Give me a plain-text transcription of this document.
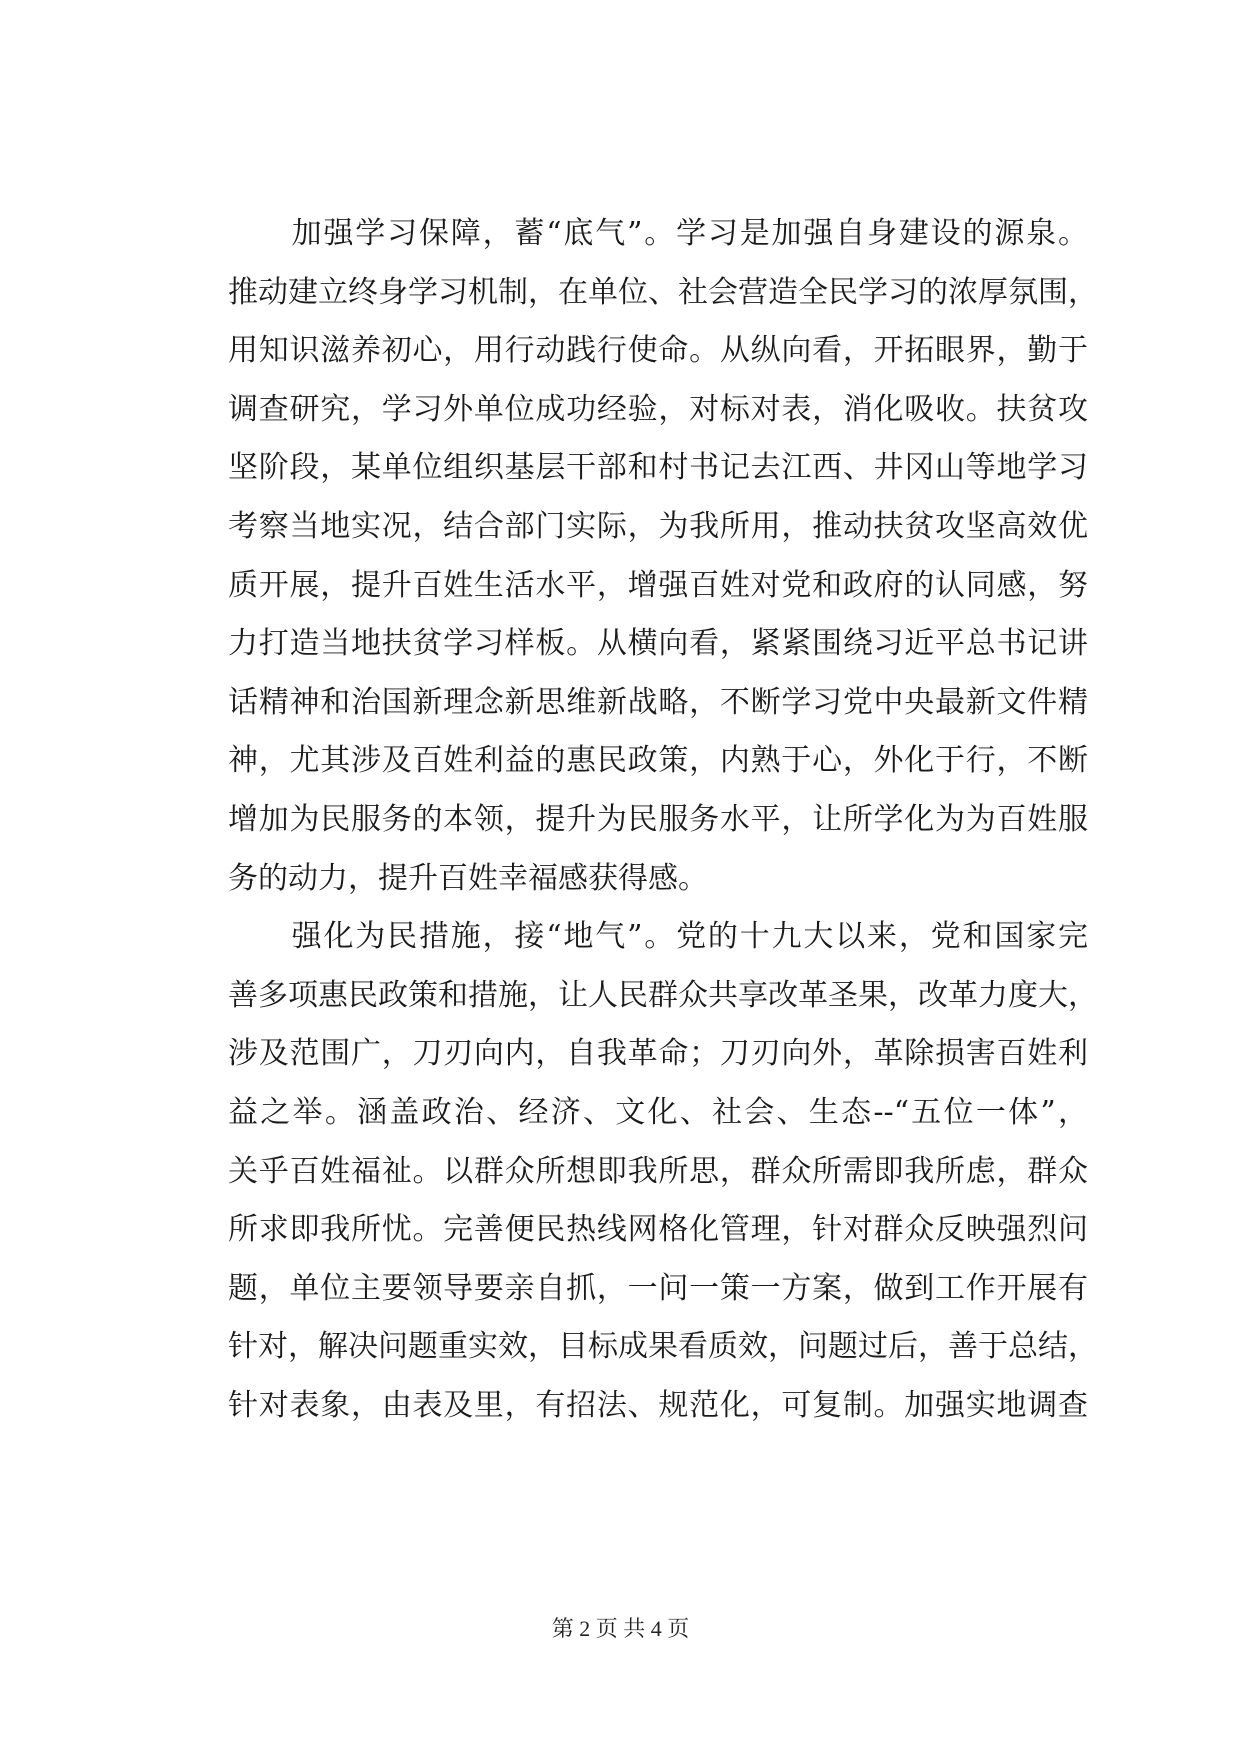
　　加强学习保障，蓄“底气”。学习是加强自身建设的源泉。
推动建立终身学习机制，在单位、社会营造全民学习的浓厚氛围，
用知识滋养初心，用行动践行使命。从纵向看，开拓眼界，勤于
调查研究，学习外单位成功经验，对标对表，消化吸收。扶贫攻
坚阶段，某单位组织基层干部和村书记去江西、井冈山等地学习
考察当地实况，结合部门实际，为我所用，推动扶贫攻坚高效优
质开展，提升百姓生活水平，增强百姓对党和政府的认同感，努
力打造当地扶贫学习样板。从横向看，紧紧围绕习近平总书记讲
话精神和治国新理念新思维新战略，不断学习党中央最新文件精
神，尤其涉及百姓利益的惠民政策，内熟于心，外化于行，不断
增加为民服务的本领，提升为民服务水平，让所学化为为百姓服
务的动力，提升百姓幸福感获得感。
　　强化为民措施，接“地气”。党的十九大以来，党和国家完
善多项惠民政策和措施，让人民群众共享改革圣果，改革力度大，
涉及范围广，刀刃向内，自我革命；刀刃向外，革除损害百姓利
益之举。涵盖政治、经济、文化、社会、生态--“五位一体”，
关乎百姓福祉。以群众所想即我所思，群众所需即我所虑，群众
所求即我所忧。完善便民热线网格化管理，针对群众反映强烈问
题，单位主要领导要亲自抓，一问一策一方案，做到工作开展有
针对，解决问题重实效，目标成果看质效，问题过后，善于总结，
针对表象，由表及里，有招法、规范化，可复制。加强实地调查
第 2 页 共 4 页
